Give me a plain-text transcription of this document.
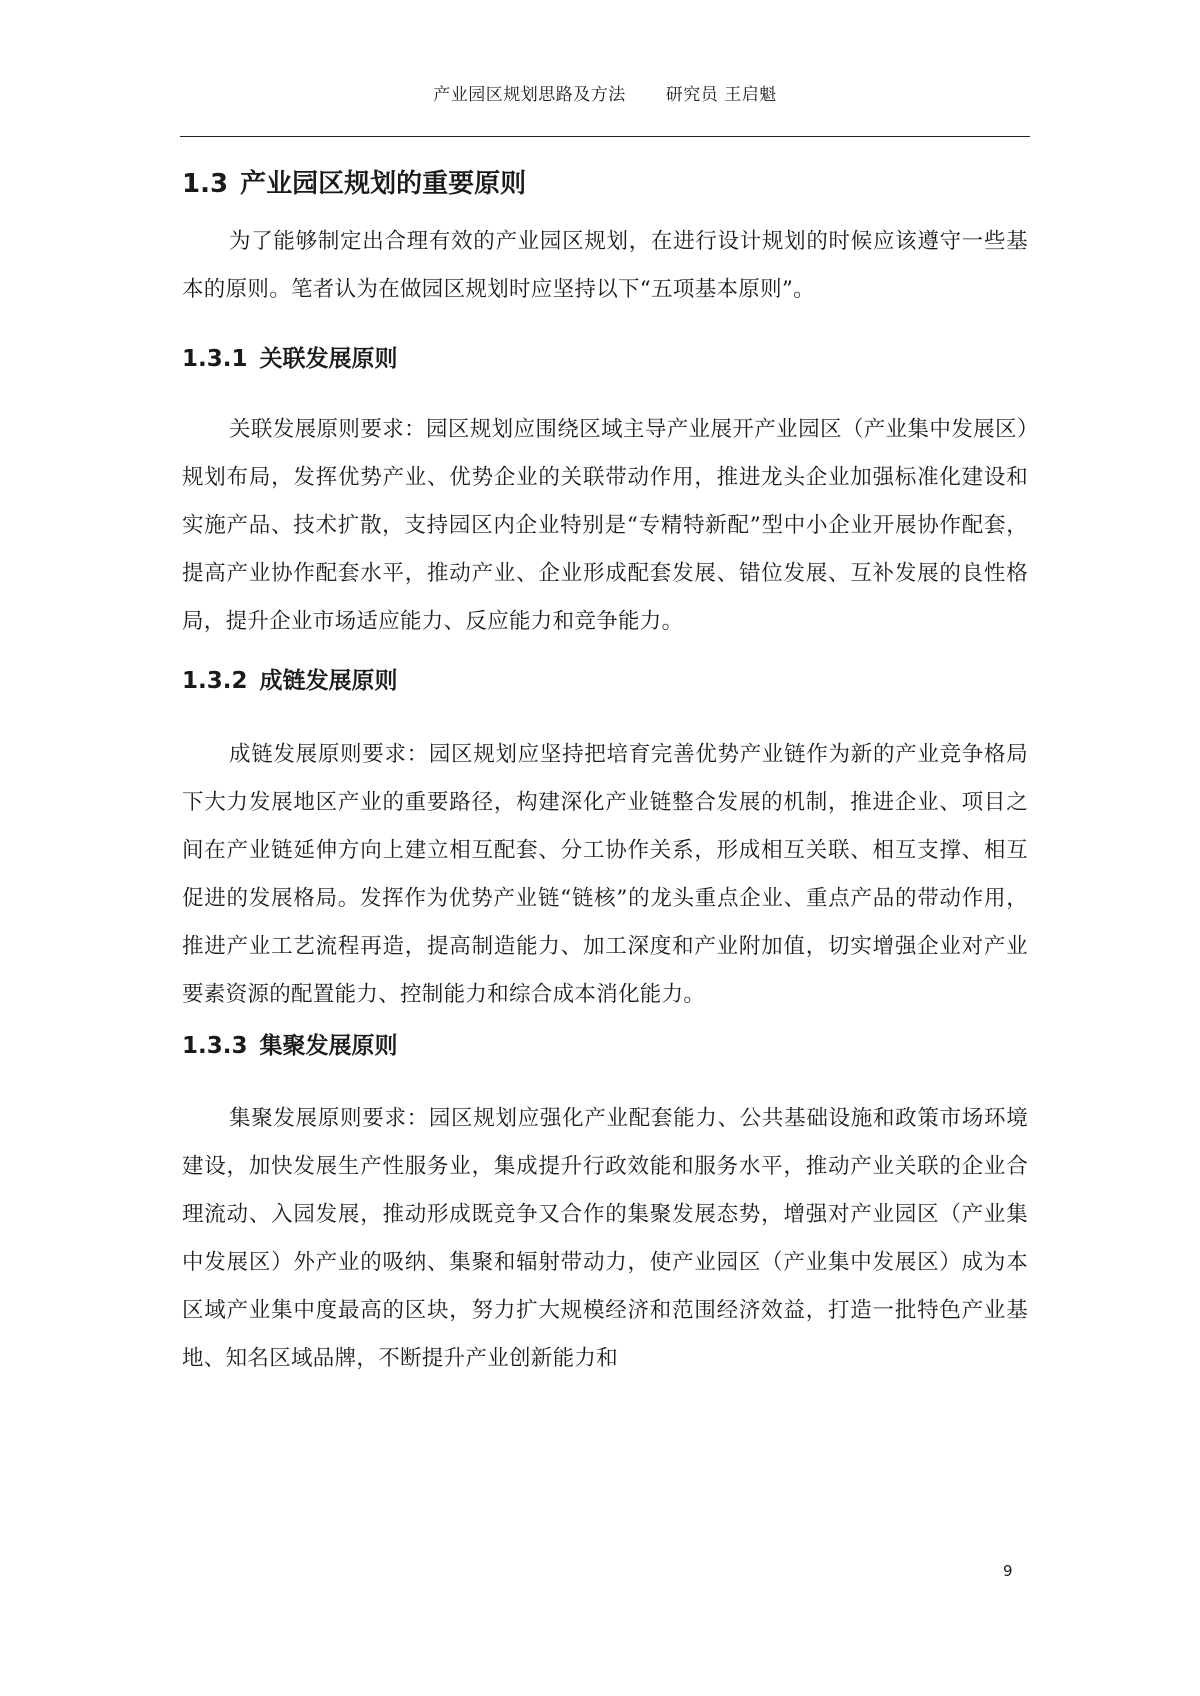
产业园区规划思路及方法 研究员 王启魁
1.3 产业园区规划的重要原则

为了能够制定出合理有效的产业园区规划，在进行设计规划的时候应该遵守一些基本的原则。笔者认为在做园区规划时应坚持以下“五项基本原则”。

1.3.1 关联发展原则

关联发展原则要求：园区规划应围绕区域主导产业展开产业园区（产业集中发展区）规划布局，发挥优势产业、优势企业的关联带动作用，推进龙头企业加强标准化建设和实施产品、技术扩散，支持园区内企业特别是“专精特新配”型中小企业开展协作配套，提高产业协作配套水平，推动产业、企业形成配套发展、错位发展、互补发展的良性格局，提升企业市场适应能力、反应能力和竞争能力。

1.3.2 成链发展原则

成链发展原则要求：园区规划应坚持把培育完善优势产业链作为新的产业竞争格局下大力发展地区产业的重要路径，构建深化产业链整合发展的机制，推进企业、项目之间在产业链延伸方向上建立相互配套、分工协作关系，形成相互关联、相互支撑、相互促进的发展格局。发挥作为优势产业链“链核”的龙头重点企业、重点产品的带动作用，推进产业工艺流程再造，提高制造能力、加工深度和产业附加值，切实增强企业对产业要素资源的配置能力、控制能力和综合成本消化能力。

1.3.3 集聚发展原则

集聚发展原则要求：园区规划应强化产业配套能力、公共基础设施和政策市场环境建设，加快发展生产性服务业，集成提升行政效能和服务水平，推动产业关联的企业合理流动、入园发展，推动形成既竞争又合作的集聚发展态势，增强对产业园区（产业集中发展区）外产业的吸纳、集聚和辐射带动力，使产业园区（产业集中发展区）成为本区域产业集中度最高的区块，努力扩大规模经济和范围经济效益，打造一批特色产业基地、知名区域品牌，不断提升产业创新能力和

9
